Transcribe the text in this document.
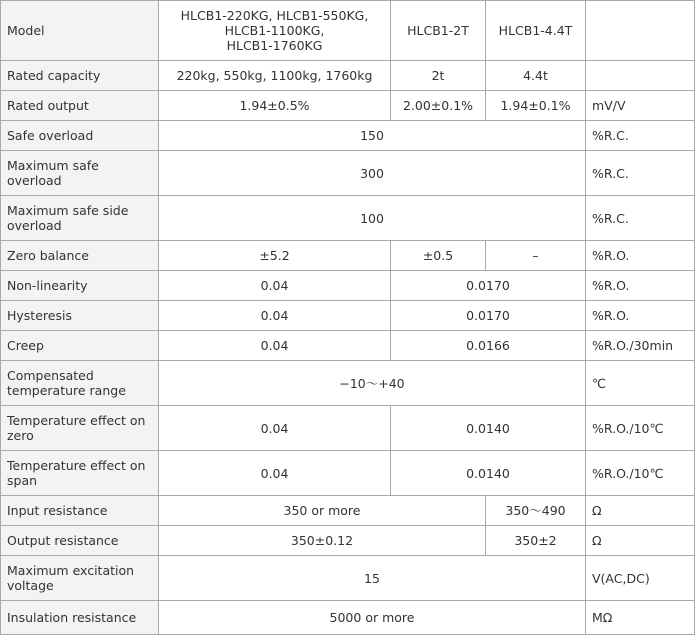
Model	HLCB1-220KG, HLCB1-550KG,
HLCB1-1100KG,
HLCB1-1760KG	HLCB1-2T	HLCB1-4.4T	
Rated capacity	220kg, 550kg, 1100kg, 1760kg	2t	4.4t	
Rated output	1.94±0.5%	2.00±0.1%	1.94±0.1%	mV/V
Safe overload	150			%R.C.
Maximum safe
overload	300			%R.C.
Maximum safe side
overload	100			%R.C.
Zero balance	±5.2	±0.5	–	%R.O.
Non-linearity	0.04	0.0170		%R.O.
Hysteresis	0.04	0.0170		%R.O.
Creep	0.04	0.0166		%R.O./30min
Compensated
temperature range	−10〜+40			℃
Temperature effect on
zero	0.04	0.0140		%R.O./10℃
Temperature effect on
span	0.04	0.0140		%R.O./10℃
Input resistance	350 or more		350〜490	Ω
Output resistance	350±0.12		350±2	Ω
Maximum excitation
voltage	15			V(AC,DC)
Insulation resistance	5000 or more			MΩ
